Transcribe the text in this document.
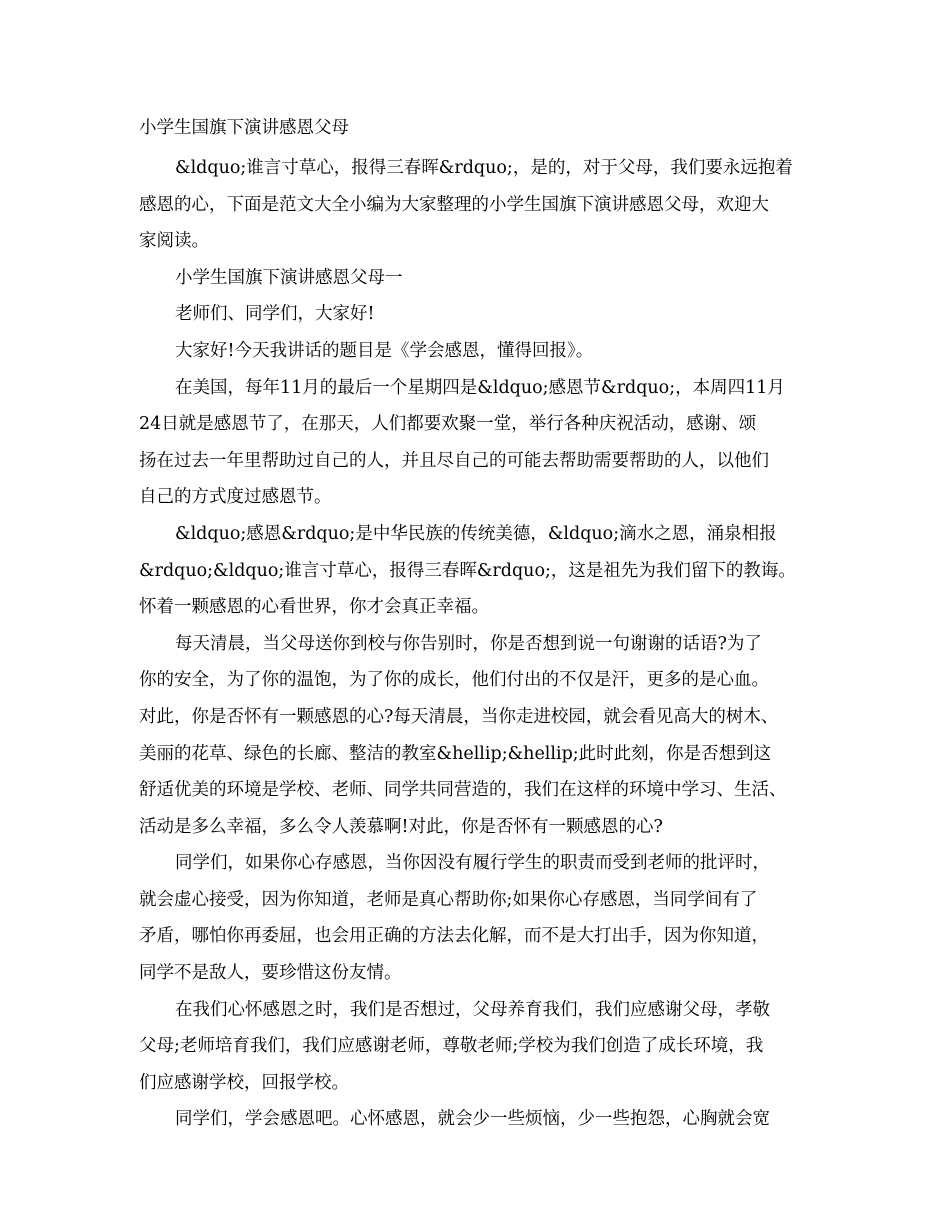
小学生国旗下演讲感恩父母

&ldquo;谁言寸草心，报得三春晖&rdquo;，是的，对于父母，我们要永远抱着
感恩的心，下面是范文大全小编为大家整理的小学生国旗下演讲感恩父母，欢迎大
家阅读。

小学生国旗下演讲感恩父母一

老师们、同学们，大家好!

大家好!今天我讲话的题目是《学会感恩，懂得回报》。

在美国，每年11月的最后一个星期四是&ldquo;感恩节&rdquo;，本周四11月
24日就是感恩节了，在那天，人们都要欢聚一堂，举行各种庆祝活动，感谢、颂
扬在过去一年里帮助过自己的人，并且尽自己的可能去帮助需要帮助的人，以他们
自己的方式度过感恩节。

&ldquo;感恩&rdquo;是中华民族的传统美德，&ldquo;滴水之恩，涌泉相报
&rdquo;&ldquo;谁言寸草心，报得三春晖&rdquo;，这是祖先为我们留下的教诲。
怀着一颗感恩的心看世界，你才会真正幸福。

每天清晨，当父母送你到校与你告别时，你是否想到说一句谢谢的话语?为了
你的安全，为了你的温饱，为了你的成长，他们付出的不仅是汗，更多的是心血。
对此，你是否怀有一颗感恩的心?每天清晨，当你走进校园，就会看见高大的树木、
美丽的花草、绿色的长廊、整洁的教室&hellip;&hellip;此时此刻，你是否想到这
舒适优美的环境是学校、老师、同学共同营造的，我们在这样的环境中学习、生活、
活动是多么幸福，多么令人羡慕啊!对此，你是否怀有一颗感恩的心?

同学们，如果你心存感恩，当你因没有履行学生的职责而受到老师的批评时，
就会虚心接受，因为你知道，老师是真心帮助你;如果你心存感恩，当同学间有了
矛盾，哪怕你再委屈，也会用正确的方法去化解，而不是大打出手，因为你知道，
同学不是敌人，要珍惜这份友情。

在我们心怀感恩之时，我们是否想过，父母养育我们，我们应感谢父母，孝敬
父母;老师培育我们，我们应感谢老师，尊敬老师;学校为我们创造了成长环境，我
们应感谢学校，回报学校。

同学们，学会感恩吧。心怀感恩，就会少一些烦恼，少一些抱怨，心胸就会宽
